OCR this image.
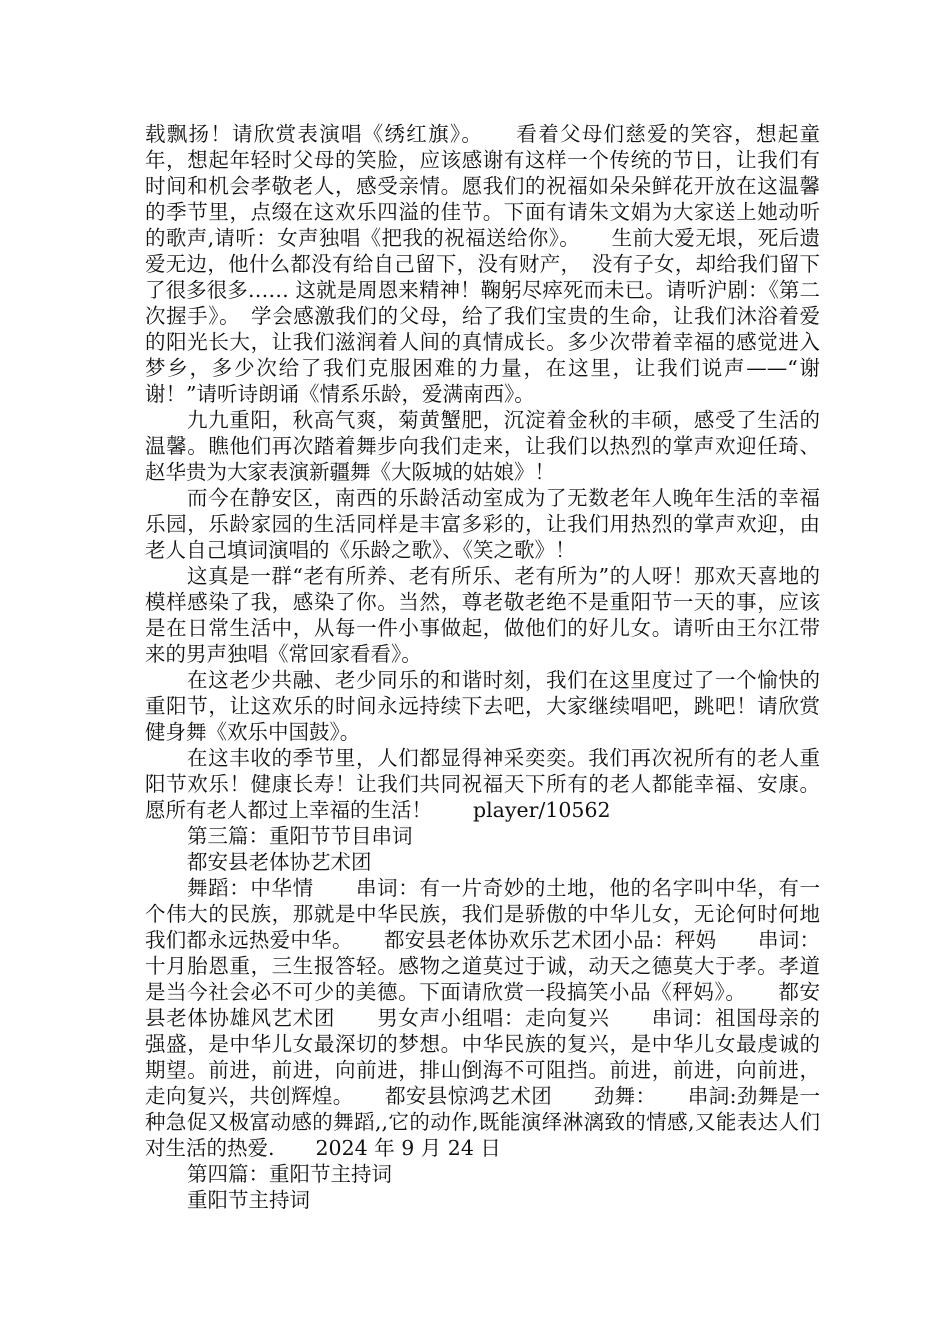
载飘扬！请欣赏表演唱《绣红旗》。　　看着父母们慈爱的笑容，想起童年，想起年轻时父母的笑脸，应该感谢有这样一个传统的节日，让我们有时间和机会孝敬老人，感受亲情。愿我们的祝福如朵朵鲜花开放在这温馨的季节里，点缀在这欢乐四溢的佳节。下面有请朱文娟为大家送上她动听的歌声,请听：女声独唱《把我的祝福送给你》。　　生前大爱无垠，死后遗爱无边，他什么都没有给自己留下，没有财产，　没有子女，却给我们留下了很多很多…… 这就是周恩来精神！鞠躬尽瘁死而未已。请听沪剧：《第二次握手》。　学会感激我们的父母，给了我们宝贵的生命，让我们沐浴着爱的阳光长大，让我们滋润着人间的真情成长。多少次带着幸福的感觉进入梦乡，多少次给了我们克服困难的力量，在这里，让我们说声——“谢谢！”请听诗朗诵《情系乐龄，爱满南西》。

九九重阳，秋高气爽，菊黄蟹肥，沉淀着金秋的丰硕，感受了生活的温馨。瞧他们再次踏着舞步向我们走来，让我们以热烈的掌声欢迎任琦、赵华贵为大家表演新疆舞《大阪城的姑娘》！

而今在静安区，南西的乐龄活动室成为了无数老年人晚年生活的幸福乐园，乐龄家园的生活同样是丰富多彩的，让我们用热烈的掌声欢迎，由老人自己填词演唱的《乐龄之歌》、《笑之歌》！

这真是一群“老有所养、老有所乐、老有所为”的人呀！那欢天喜地的模样感染了我，感染了你。当然，尊老敬老绝不是重阳节一天的事，应该是在日常生活中，从每一件小事做起，做他们的好儿女。请听由王尔江带来的男声独唱《常回家看看》。

在这老少共融、老少同乐的和谐时刻，我们在这里度过了一个愉快的重阳节，让这欢乐的时间永远持续下去吧，大家继续唱吧，跳吧！请欣赏健身舞《欢乐中国鼓》。

在这丰收的季节里，人们都显得神采奕奕。我们再次祝所有的老人重阳节欢乐！健康长寿！让我们共同祝福天下所有的老人都能幸福、安康。愿所有老人都过上幸福的生活！　　player/10562

第三篇：重阳节节目串词

都安县老体协艺术团

舞蹈：中华情　　串词：有一片奇妙的土地，他的名字叫中华，有一个伟大的民族，那就是中华民族，我们是骄傲的中华儿女，无论何时何地我们都永远热爱中华。　　都安县老体协欢乐艺术团小品：秤妈　　串词：十月胎恩重，三生报答轻。感物之道莫过于诚，动天之德莫大于孝。孝道是当今社会必不可少的美德。下面请欣赏一段搞笑小品《秤妈》。　　都安县老体协雄风艺术团　　男女声小组唱：走向复兴　　串词：祖国母亲的强盛，是中华儿女最深切的梦想。中华民族的复兴，是中华儿女最虔诚的期望。前进，前进，向前进，排山倒海不可阻挡。前进，前进，向前进，走向复兴，共创辉煌。　　都安县惊鸿艺术团　　劲舞：　　串詞:劲舞是一种急促又极富动感的舞蹈,,它的动作,既能演绎淋漓致的情感,又能表达人们对生活的热爱.　　2024 年 9 月 24 日

第四篇：重阳节主持词

重阳节主持词
